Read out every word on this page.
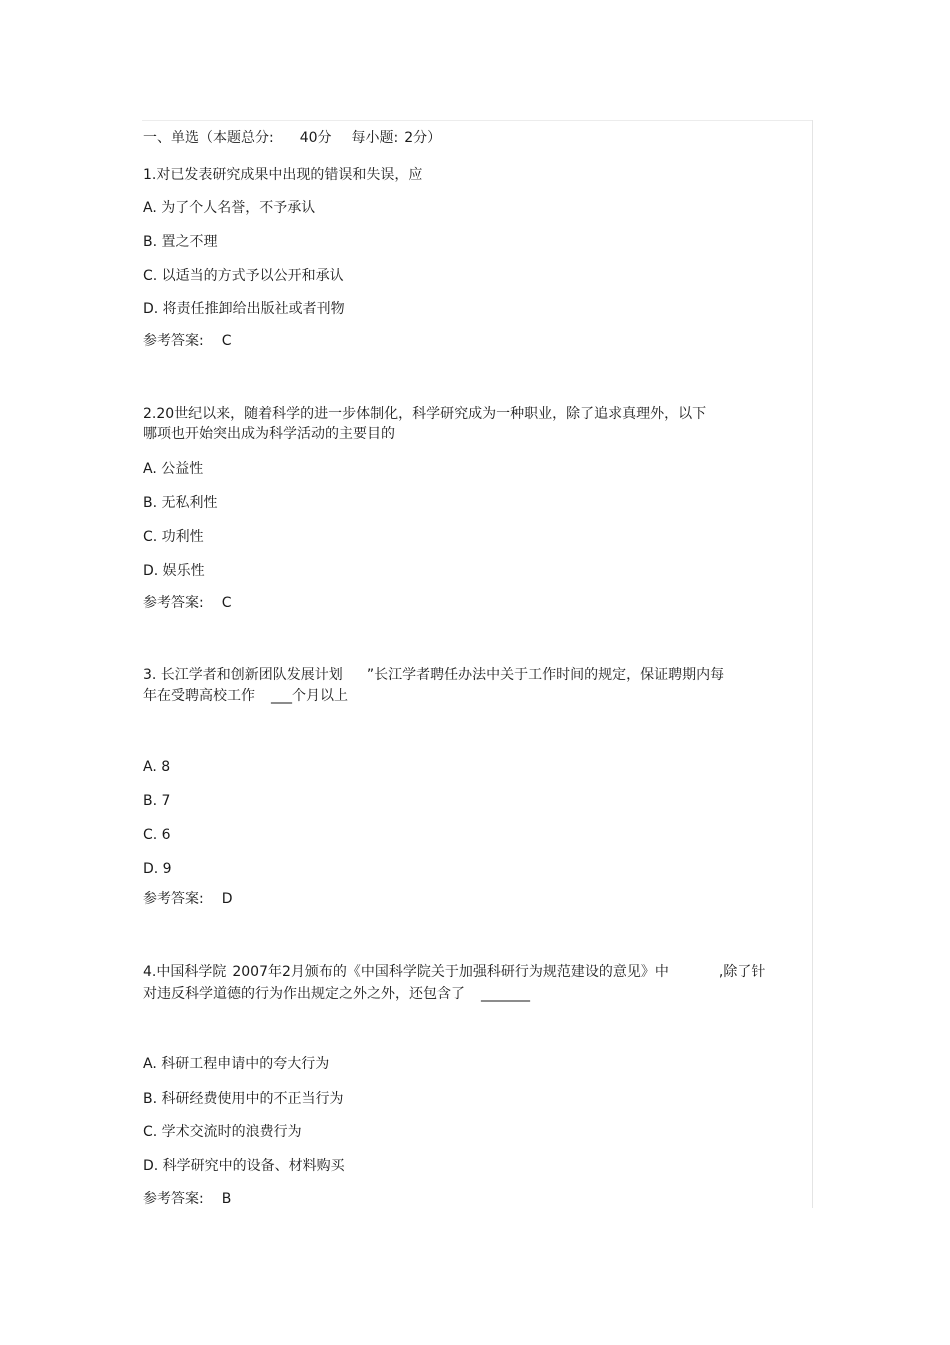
一、单选（本题总分: 40分 每小题: 2分）

1.对已发表研究成果中出现的错误和失误，应

A. 为了个人名誉，不予承认

B. 置之不理

C. 以适当的方式予以公开和承认

D. 将责任推卸给出版社或者刊物

参考答案: C

2.20世纪以来，随着科学的进一步体制化，科学研究成为一种职业，除了追求真理外，以下

哪项也开始突出成为科学活动的主要目的

A. 公益性

B. 无私利性

C. 功利性

D. 娱乐性

参考答案: C

3. 长江学者和创新团队发展计划 ”长江学者聘任办法中关于工作时间的规定，保证聘期内每

年在受聘高校工作 ___个月以上

A. 8

B. 7

C. 6

D. 9

参考答案: D

4.中国科学院 2007年2月颁布的《中国科学院关于加强科研行为规范建设的意见》中	,除了针

对违反科学道德的行为作出规定之外之外，还包含了 _______

A. 科研工程申请中的夸大行为

B. 科研经费使用中的不正当行为

C. 学术交流时的浪费行为

D. 科学研究中的设备、材料购买

参考答案: B
